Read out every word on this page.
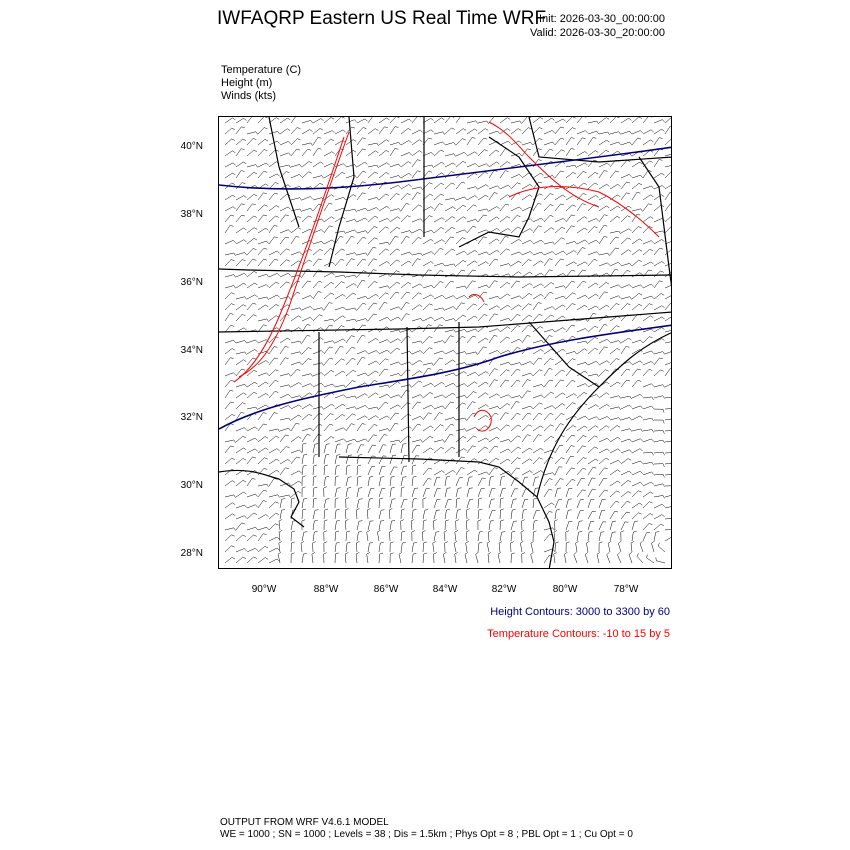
IWFAQRP Eastern US Real Time WRF
Init: 2026-03-30_00:00:00
Valid: 2026-03-30_20:00:00
Temperature (C)
Height (m)
Winds (kts)
40°N
38°N
36°N
34°N
32°N
30°N
28°N
90°W	88°W	86°W	84°W	82°W	80°W	78°W
Height Contours: 3000 to 3300 by 60
Temperature Contours: -10 to 15 by 5
OUTPUT FROM WRF V4.6.1 MODEL
WE = 1000 ; SN = 1000 ; Levels = 38 ; Dis = 1.5km ; Phys Opt = 8 ; PBL Opt = 1 ; Cu Opt = 0
